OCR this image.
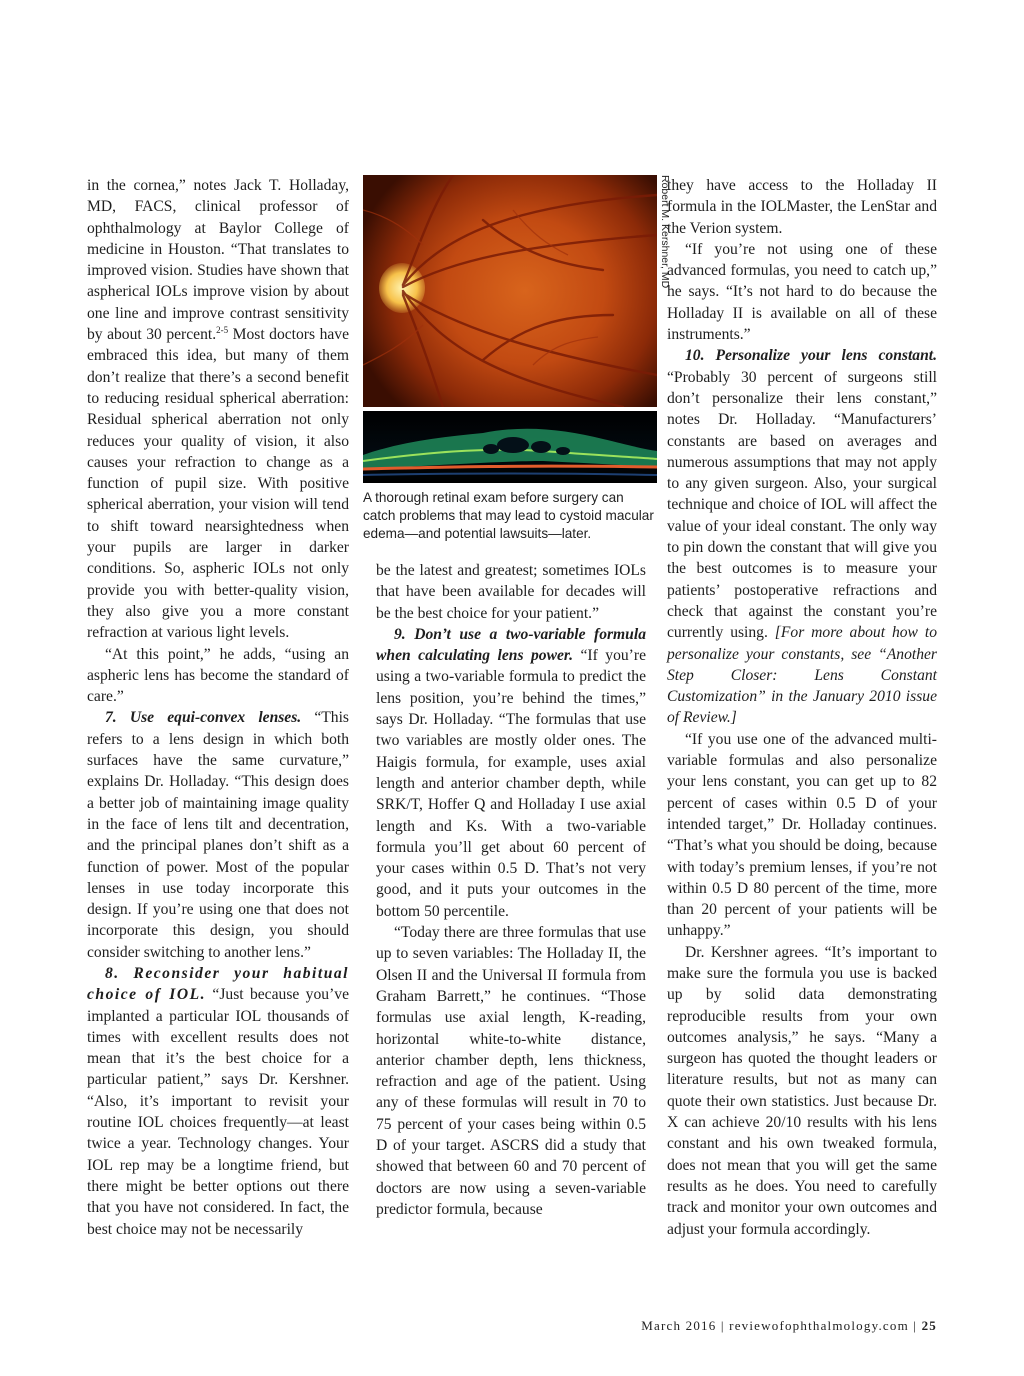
in the cornea,” notes Jack T. Holladay, MD, FACS, clinical professor of ophthalmology at Baylor College of medicine in Houston. “That translates to improved vision. Studies have shown that aspherical IOLs improve vision by about one line and improve contrast sensitivity by about 30 percent.$^{2-5}$ Most doctors have embraced this idea, but many of them don’t realize that there’s a second benefit to reducing residual spherical aberration: Residual spherical aberration not only reduces your quality of vision, it also causes your refraction to change as a function of pupil size. With positive spherical aberration, your vision will tend to shift toward nearsightedness when your pupils are larger in darker conditions. So, aspheric IOLs not only provide you with better-quality vision, they also give you a more constant refraction at various light levels.

“At this point,” he adds, “using an aspheric lens has become the standard of care.”

7. Use equi-convex lenses. “This refers to a lens design in which both surfaces have the same curvature,” explains Dr. Holladay. “This design does a better job of maintaining image quality in the face of lens tilt and decentration, and the principal planes don’t shift as a function of power. Most of the popular lenses in use today incorporate this design. If you’re using one that does not incorporate this design, you should consider switching to another lens.”

8. Reconsider your habitual choice of IOL. “Just because you’ve implanted a particular IOL thousands of times with excellent results does not mean that it’s the best choice for a particular patient,” says Dr. Kershner. “Also, it’s important to revisit your routine IOL choices frequently—at least twice a year. Technology changes. Your IOL rep may be a longtime friend, but there might be better options out there that you have not considered. In fact, the best choice may not be necessarily

A thorough retinal exam before surgery can catch problems that may lead to cystoid macular edema—and potential lawsuits—later.
Robert M. Kershner, MD

be the latest and greatest; sometimes IOLs that have been available for decades will be the best choice for your patient.”

9. Don’t use a two-variable formula when calculating lens power. “If you’re using a two-variable formula to predict the lens position, you’re behind the times,” says Dr. Holladay. “The formulas that use two variables are mostly older ones. The Haigis formula, for example, uses axial length and anterior chamber depth, while SRK/T, Hoffer Q and Holladay I use axial length and Ks. With a two-variable formula you’ll get about 60 percent of your cases within 0.5 D. That’s not very good, and it puts your outcomes in the bottom 50 percentile.

“Today there are three formulas that use up to seven variables: The Holladay II, the Olsen II and the Universal II formula from Graham Barrett,” he continues. “Those formulas use axial length, K-reading, horizontal white-to-white distance, anterior chamber depth, lens thickness, refraction and age of the patient. Using any of these formulas will result in 70 to 75 percent of your cases being within 0.5 D of your target. ASCRS did a study that showed that between 60 and 70 percent of doctors are now using a seven-variable predictor formula, because

they have access to the Holladay II formula in the IOLMaster, the LenStar and the Verion system.

“If you’re not using one of these advanced formulas, you need to catch up,” he says. “It’s not hard to do because the Holladay II is available on all of these instruments.”

10. Personalize your lens constant. “Probably 30 percent of surgeons still don’t personalize their lens constant,” notes Dr. Holladay. “Manufacturers’ constants are based on averages and numerous assumptions that may not apply to any given surgeon. Also, your surgical technique and choice of IOL will affect the value of your ideal constant. The only way to pin down the constant that will give you the best outcomes is to measure your patients’ postoperative refractions and check that against the constant you’re currently using. [For more about how to personalize your constants, see “Another Step Closer: Lens Constant Customization” in the January 2010 issue of Review.]

“If you use one of the advanced multi-variable formulas and also personalize your lens constant, you can get up to 82 percent of cases within 0.5 D of your intended target,” Dr. Holladay continues. “That’s what you should be doing, because with today’s premium lenses, if you’re not within 0.5 D 80 percent of the time, more than 20 percent of your patients will be unhappy.”

Dr. Kershner agrees. “It’s important to make sure the formula you use is backed up by solid data demonstrating reproducible results from your own outcomes analysis,” he says. “Many a surgeon has quoted the thought leaders or literature results, but not as many can quote their own statistics. Just because Dr. X can achieve 20/10 results with his lens constant and his own tweaked formula, does not mean that you will get the same results as he does. You need to carefully track and monitor your own outcomes and adjust your formula accordingly.

March 2016 | reviewofophthalmology.com | 25
